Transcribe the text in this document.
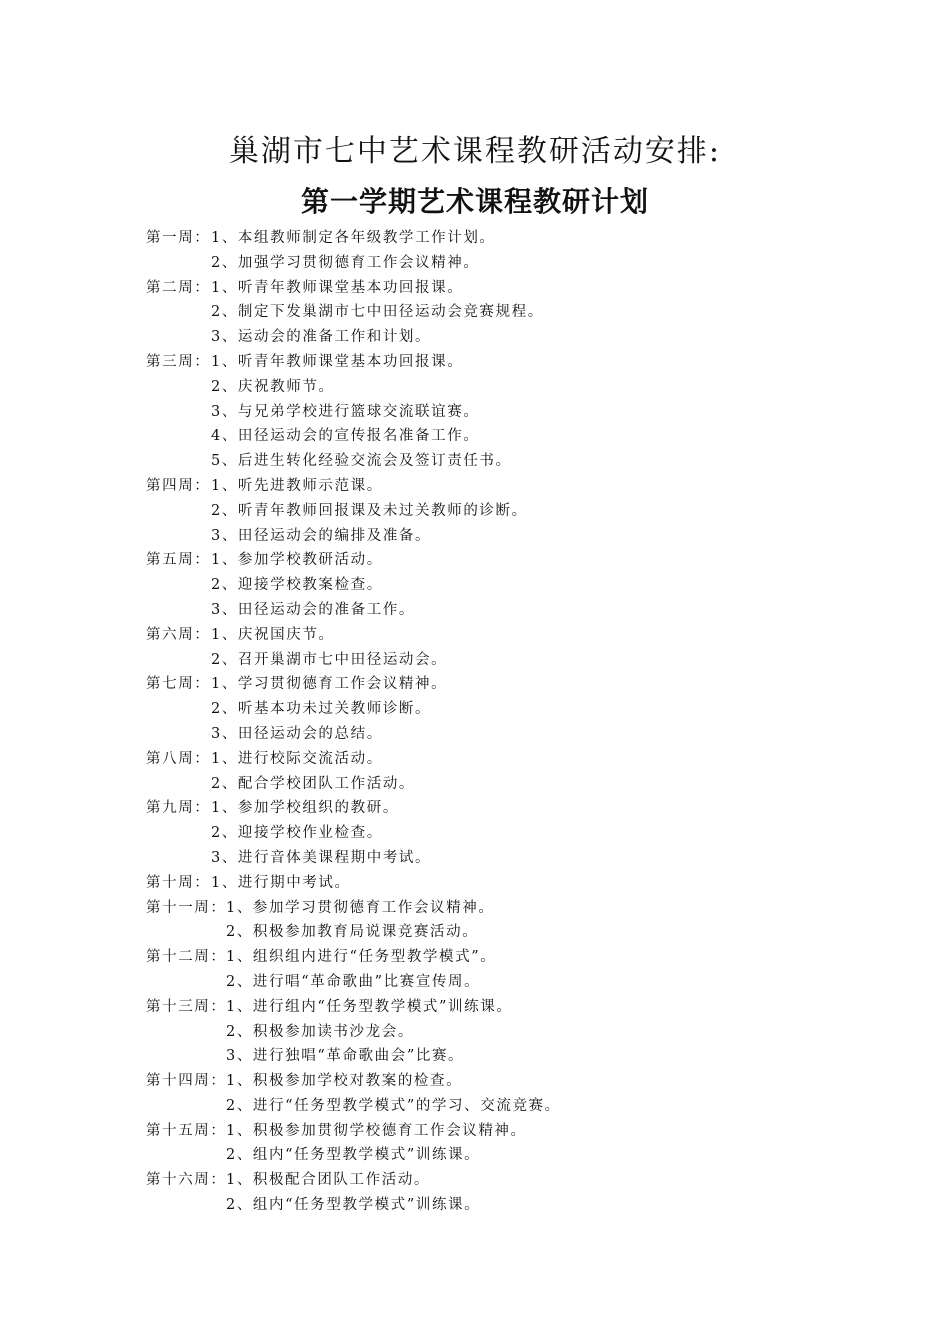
巢湖市七中艺术课程教研活动安排:
第一学期艺术课程教研计划
第一周： 1、本组教师制定各年级教学工作计划。
2、加强学习贯彻德育工作会议精神。
第二周： 1、听青年教师课堂基本功回报课。
2、制定下发巢湖市七中田径运动会竞赛规程。
3、运动会的准备工作和计划。
第三周： 1、听青年教师课堂基本功回报课。
2、庆祝教师节。
3、与兄弟学校进行篮球交流联谊赛。
4、田径运动会的宣传报名准备工作。
5、后进生转化经验交流会及签订责任书。
第四周： 1、听先进教师示范课。
2、听青年教师回报课及未过关教师的诊断。
3、田径运动会的编排及准备。
第五周： 1、参加学校教研活动。
2、迎接学校教案检查。
3、田径运动会的准备工作。
第六周： 1、庆祝国庆节。
2、召开巢湖市七中田径运动会。
第七周： 1、学习贯彻德育工作会议精神。
2、听基本功未过关教师诊断。
3、田径运动会的总结。
第八周： 1、进行校际交流活动。
2、配合学校团队工作活动。
第九周： 1、参加学校组织的教研。
2、迎接学校作业检查。
3、进行音体美课程期中考试。
第十周： 1、进行期中考试。
第十一周： 1、参加学习贯彻德育工作会议精神。
2、积极参加教育局说课竞赛活动。
第十二周： 1、组织组内进行“任务型教学模式”。
2、进行唱“革命歌曲”比赛宣传周。
第十三周： 1、进行组内“任务型教学模式”训练课。
2、积极参加读书沙龙会。
3、进行独唱“革命歌曲会”比赛。
第十四周： 1、积极参加学校对教案的检查。
2、进行“任务型教学模式”的学习、交流竞赛。
第十五周： 1、积极参加贯彻学校德育工作会议精神。
2、组内“任务型教学模式”训练课。
第十六周： 1、积极配合团队工作活动。
2、组内“任务型教学模式”训练课。
